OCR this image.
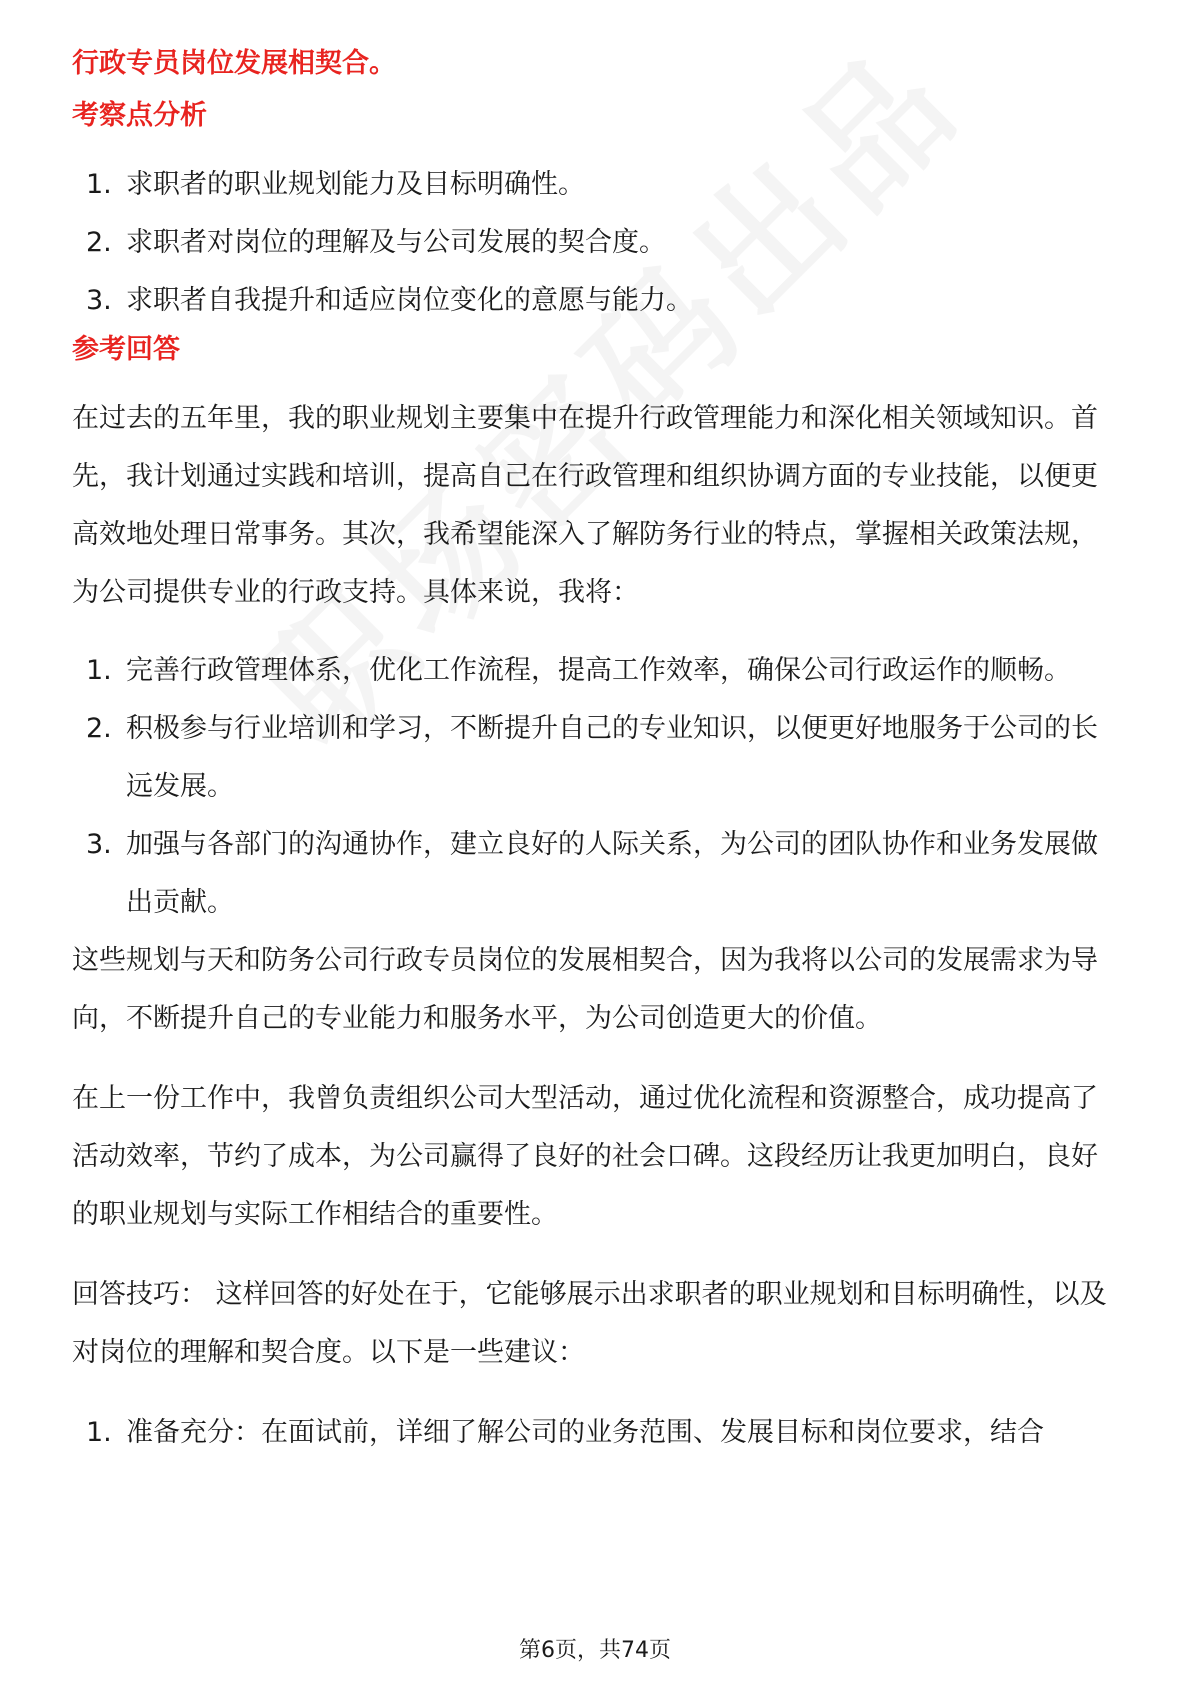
行政专员岗位发展相契合。

考察点分析

1. 求职者的职业规划能力及目标明确性。
2. 求职者对岗位的理解及与公司发展的契合度。
3. 求职者自我提升和适应岗位变化的意愿与能力。

参考回答

在过去的五年里，我的职业规划主要集中在提升行政管理能力和深化相关领域知识。首先，我计划通过实践和培训，提高自己在行政管理和组织协调方面的专业技能，以便更高效地处理日常事务。其次，我希望能深入了解防务行业的特点，掌握相关政策法规，为公司提供专业的行政支持。具体来说，我将：

1. 完善行政管理体系，优化工作流程，提高工作效率，确保公司行政运作的顺畅。
2. 积极参与行业培训和学习，不断提升自己的专业知识，以便更好地服务于公司的长远发展。
3. 加强与各部门的沟通协作，建立良好的人际关系，为公司的团队协作和业务发展做出贡献。

这些规划与天和防务公司行政专员岗位的发展相契合，因为我将以公司的发展需求为导向，不断提升自己的专业能力和服务水平，为公司创造更大的价值。

在上一份工作中，我曾负责组织公司大型活动，通过优化流程和资源整合，成功提高了活动效率，节约了成本，为公司赢得了良好的社会口碑。这段经历让我更加明白，良好的职业规划与实际工作相结合的重要性。

回答技巧： 这样回答的好处在于，它能够展示出求职者的职业规划和目标明确性，以及对岗位的理解和契合度。以下是一些建议：

1. 准备充分：在面试前，详细了解公司的业务范围、发展目标和岗位要求，结合
第6页，共74页
